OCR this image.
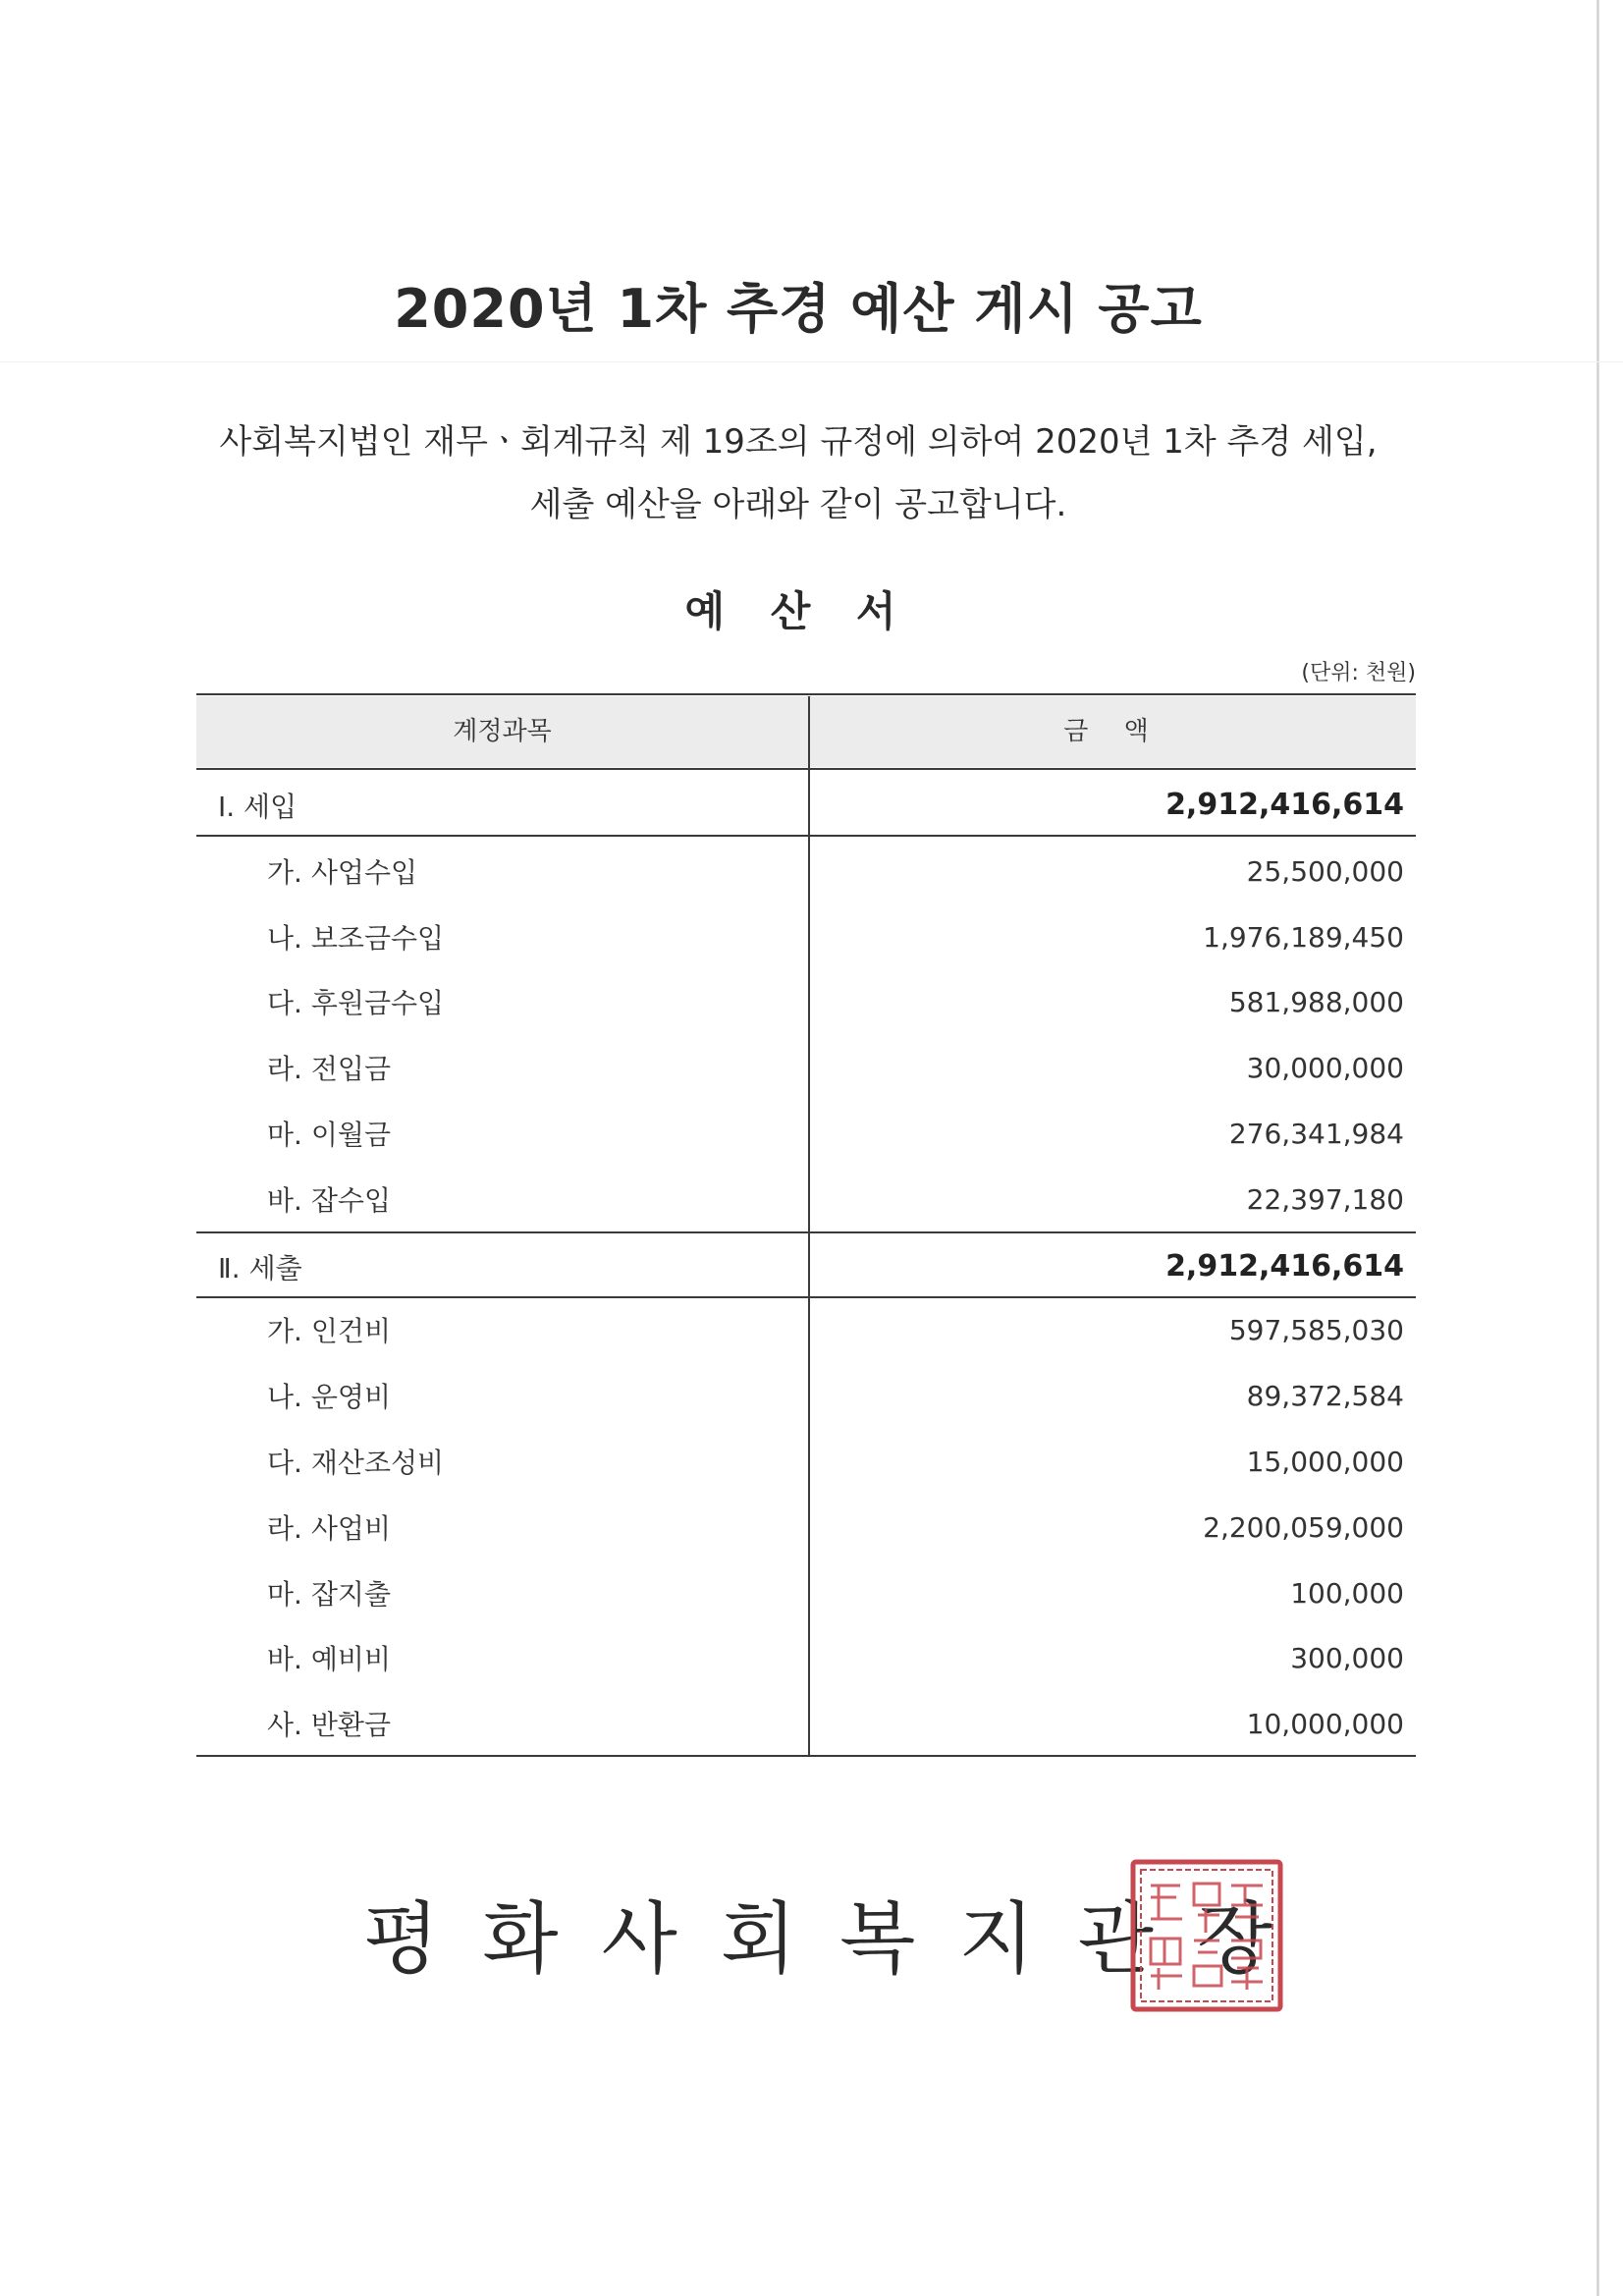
2020년 1차 추경 예산 게시 공고
사회복지법인 재무ㆍ회계규칙 제 19조의 규정에 의하여 2020년 1차 추경 세입,
세출 예산을 아래와 같이 공고합니다.
예 산 서
(단위: 천원)
계정과목	금 액
Ⅰ. 세입	2,912,416,614
가. 사업수입	25,500,000
나. 보조금수입	1,976,189,450
다. 후원금수입	581,988,000
라. 전입금	30,000,000
마. 이월금	276,341,984
바. 잡수입	22,397,180
Ⅱ. 세출	2,912,416,614
가. 인건비	597,585,030
나. 운영비	89,372,584
다. 재산조성비	15,000,000
라. 사업비	2,200,059,000
마. 잡지출	100,000
바. 예비비	300,000
사. 반환금	10,000,000
평화사회복지관장
